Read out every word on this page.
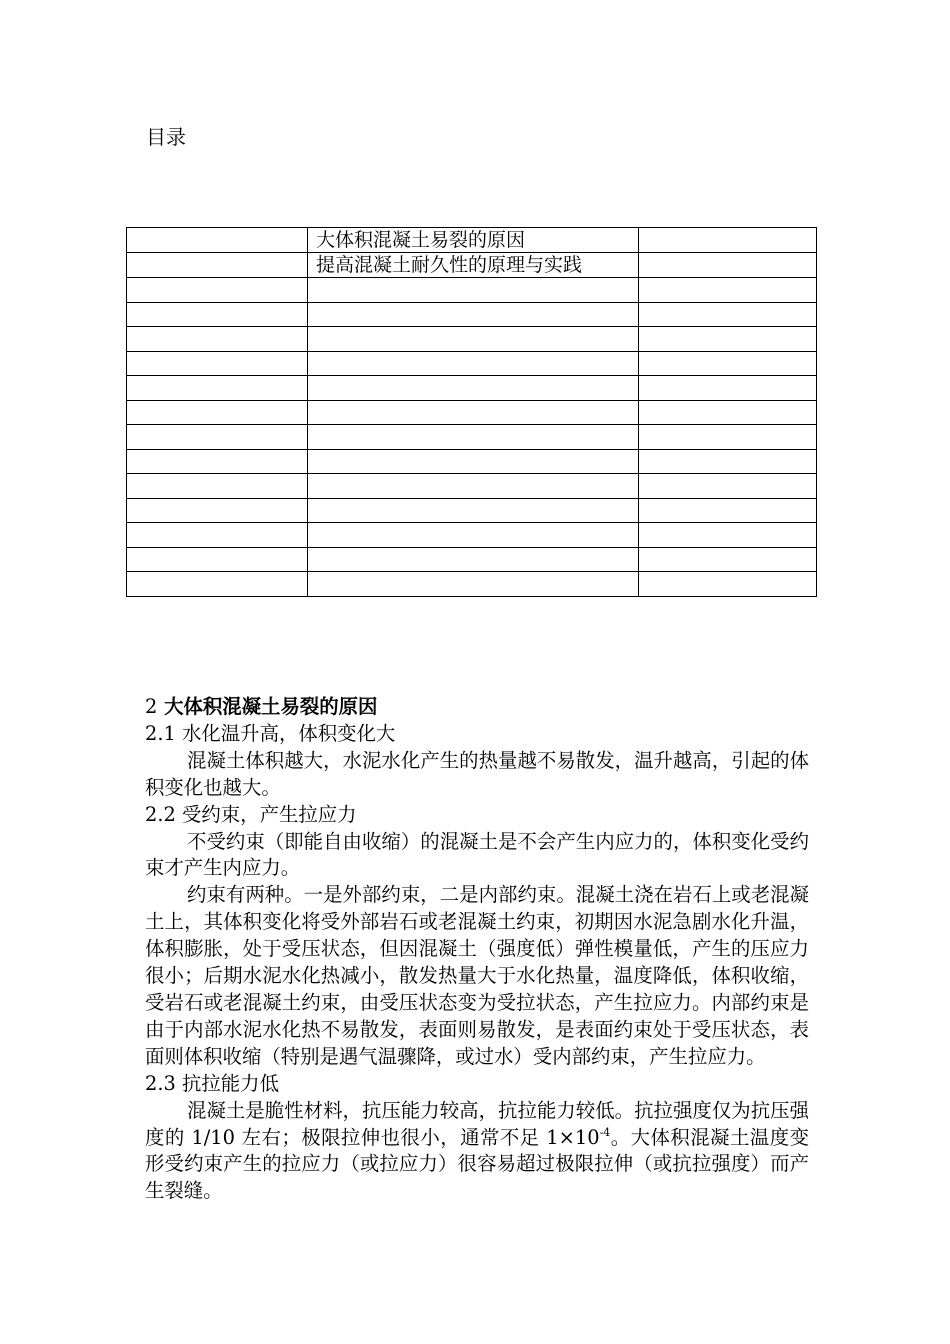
目录
	大体积混凝土易裂的原因	
	提高混凝土耐久性的原理与实践	

2 大体积混凝土易裂的原因

2.1 水化温升高，体积变化大

混凝土体积越大，水泥水化产生的热量越不易散发，温升越高，引起的体积变化也越大。

2.2 受约束，产生拉应力

不受约束（即能自由收缩）的混凝土是不会产生内应力的，体积变化受约束才产生内应力。

约束有两种。一是外部约束，二是内部约束。混凝土浇在岩石上或老混凝土上，其体积变化将受外部岩石或老混凝土约束，初期因水泥急剧水化升温，体积膨胀，处于受压状态，但因混凝土（强度低）弹性模量低，产生的压应力很小；后期水泥水化热减小，散发热量大于水化热量，温度降低，体积收缩，受岩石或老混凝土约束，由受压状态变为受拉状态，产生拉应力。内部约束是由于内部水泥水化热不易散发，表面则易散发，是表面约束处于受压状态，表面则体积收缩（特别是遇气温骤降，或过水）受内部约束，产生拉应力。

2.3 抗拉能力低

混凝土是脆性材料，抗压能力较高，抗拉能力较低。抗拉强度仅为抗压强度的 1/10 左右；极限拉伸也很小，通常不足 $1\times 10^{-4}$。大体积混凝土温度变形受约束产生的拉应力（或拉应力）很容易超过极限拉伸（或抗拉强度）而产生裂缝。
